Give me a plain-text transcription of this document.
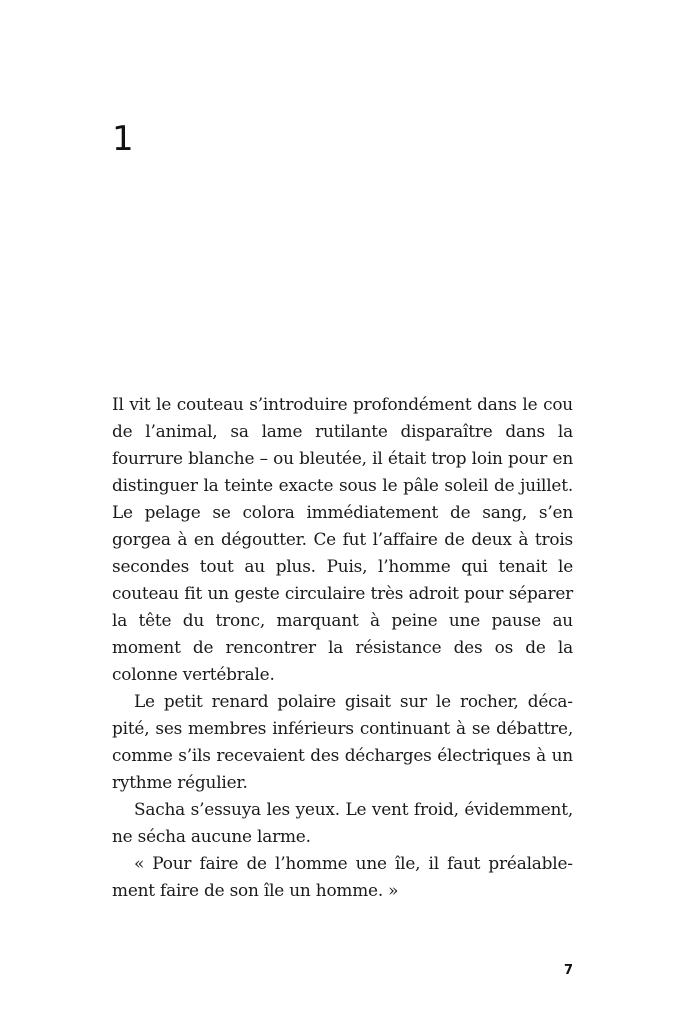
1

Il vit le couteau s’introduire profondément dans le cou de l’animal, sa lame rutilante disparaître dans la fourrure blanche – ou bleutée, il était trop loin pour en distinguer la teinte exacte sous le pâle soleil de juillet. Le pelage se colora immédiatement de sang, s’en gorgea à en dégoutter. Ce fut l’affaire de deux à trois secondes tout au plus. Puis, l’homme qui tenait le couteau fit un geste circulaire très adroit pour séparer la tête du tronc, marquant à peine une pause au moment de rencontrer la résistance des os de la colonne vertébrale.

Le petit renard polaire gisait sur le rocher, décapité, ses membres inférieurs continuant à se débattre, comme s’ils recevaient des décharges électriques à un rythme régulier.

Sacha s’essuya les yeux. Le vent froid, évidemment, ne sécha aucune larme.

« Pour faire de l’homme une île, il faut préalablement faire de son île un homme. »

7
